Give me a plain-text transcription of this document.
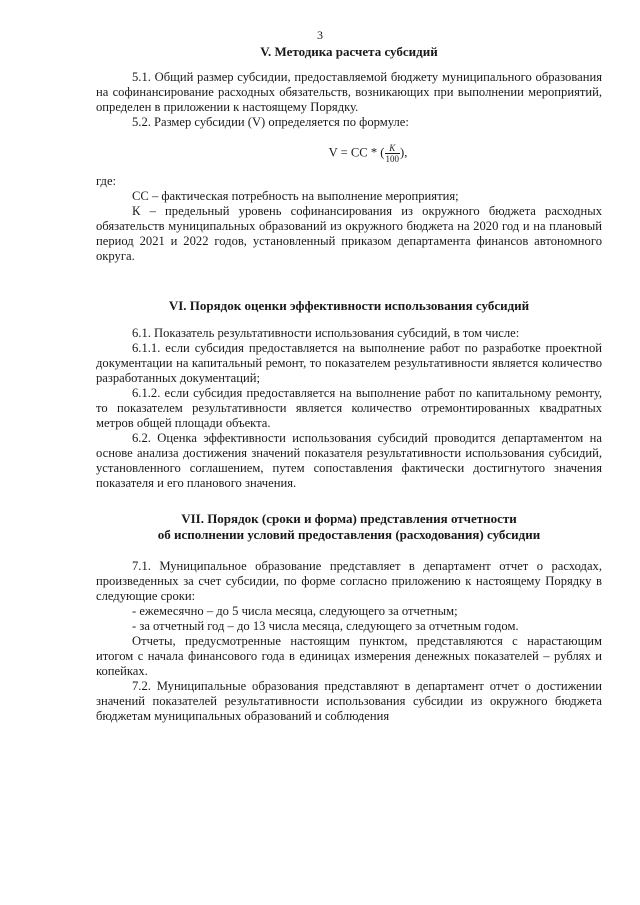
3
V. Методика расчета субсидий

5.1. Общий размер субсидии, предоставляемой бюджету муниципального образования на софинансирование расходных обязательств, возникающих при выполнении мероприятий, определен в приложении к настоящему Порядку.

5.2. Размер субсидии (V) определяется по формуле:

V = CC * ( $\frac{K}{100}$ ),

где:

CC – фактическая потребность на выполнение мероприятия;

К – предельный уровень софинансирования из окружного бюджета расходных обязательств муниципальных образований из окружного бюджета на 2020 год и на плановый период 2021 и 2022 годов, установленный приказом департамента финансов автономного округа.

VI. Порядок оценки эффективности использования субсидий

6.1. Показатель результативности использования субсидий, в том числе:

6.1.1. если субсидия предоставляется на выполнение работ по разработке проектной документации на капитальный ремонт, то показателем результативности является количество разработанных документаций;

6.1.2. если субсидия предоставляется на выполнение работ по капитальному ремонту, то показателем результативности является количество отремонтированных квадратных метров общей площади объекта.

6.2. Оценка эффективности использования субсидий проводится департаментом на основе анализа достижения значений показателя результативности использования субсидий, установленного соглашением, путем сопоставления фактически достигнутого значения показателя и его планового значения.

VII. Порядок (сроки и форма) представления отчетности
об исполнении условий предоставления (расходования) субсидии

7.1. Муниципальное образование представляет в департамент отчет о расходах, произведенных за счет субсидии, по форме согласно приложению к настоящему Порядку в следующие сроки:

- ежемесячно – до 5 числа месяца, следующего за отчетным;

- за отчетный год – до 13 числа месяца, следующего за отчетным годом.

Отчеты, предусмотренные настоящим пунктом, представляются с нарастающим итогом с начала финансового года в единицах измерения денежных показателей – рублях и копейках.

7.2. Муниципальные образования представляют в департамент отчет о достижении значений показателей результативности использования субсидии из окружного бюджета бюджетам муниципальных образований и соблюдения
